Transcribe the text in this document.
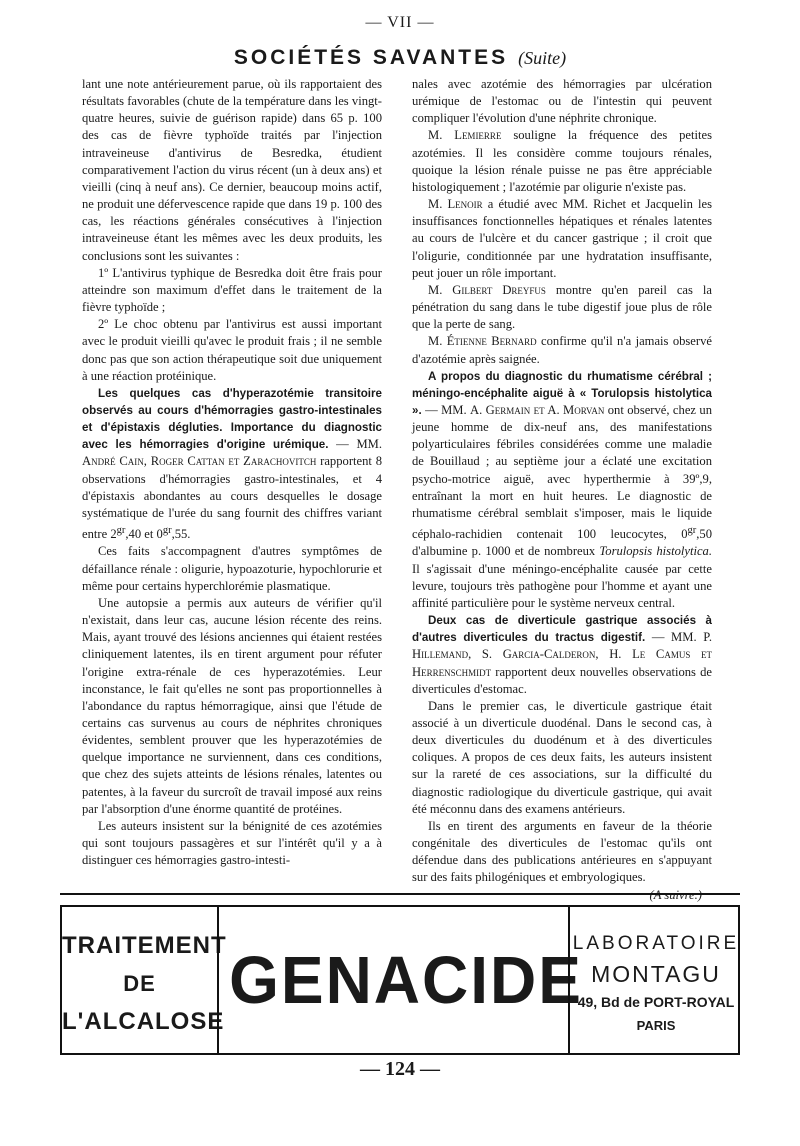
— VII —
SOCIÉTÉS SAVANTES (Suite)

lant une note antérieurement parue, où ils rapportaient des résultats favorables (chute de la température dans les vingt-quatre heures, suivie de guérison rapide) dans 65 p. 100 des cas de fièvre typhoïde traités par l'injection intraveineuse d'antivirus de Besredka, étudient comparativement l'action du virus récent (un à deux ans) et vieilli (cinq à neuf ans). Ce dernier, beaucoup moins actif, ne produit une défervescence rapide que dans 19 p. 100 des cas, les réactions générales consécutives à l'injection intraveineuse étant les mêmes avec les deux produits, les conclusions sont les suivantes :

1º L'antivirus typhique de Besredka doit être frais pour atteindre son maximum d'effet dans le traitement de la fièvre typhoïde ;

2º Le choc obtenu par l'antivirus est aussi important avec le produit vieilli qu'avec le produit frais ; il ne semble donc pas que son action thérapeutique soit due uniquement à une réaction protéinique.

Les quelques cas d'hyperazotémie transitoire observés au cours d'hémorragies gastro-intestinales et d'épistaxis dégluties. Importance du diagnostic avec les hémorragies d'origine urémique. — MM. André Cain, Roger Cattan et Zarachovitch rapportent 8 observations d'hémorragies gastro-intestinales, et 4 d'épistaxis abondantes au cours desquelles le dosage systématique de l'urée du sang fournit des chiffres variant entre $2^{gr},40$ et $0^{gr},55$.

Ces faits s'accompagnent d'autres symptômes de défaillance rénale : oligurie, hypoazoturie, hypochlorurie et même pour certains hyperchlorémie plasmatique.

Une autopsie a permis aux auteurs de vérifier qu'il n'existait, dans leur cas, aucune lésion récente des reins. Mais, ayant trouvé des lésions anciennes qui étaient restées cliniquement latentes, ils en tirent argument pour réfuter l'origine extra-rénale de ces hyperazotémies. Leur inconstance, le fait qu'elles ne sont pas proportionnelles à l'abondance du raptus hémorragique, ainsi que l'étude de certains cas survenus au cours de néphrites chroniques évidentes, semblent prouver que les hyperazotémies de quelque importance ne surviennent, dans ces conditions, que chez des sujets atteints de lésions rénales, latentes ou patentes, à la faveur du surcroît de travail imposé aux reins par l'absorption d'une énorme quantité de protéines.

Les auteurs insistent sur la bénignité de ces azotémies qui sont toujours passagères et sur l'intérêt qu'il y a à distinguer ces hémorragies gastro-intesti-

nales avec azotémie des hémorragies par ulcération urémique de l'estomac ou de l'intestin qui peuvent compliquer l'évolution d'une néphrite chronique.

M. Lemierre souligne la fréquence des petites azotémies. Il les considère comme toujours rénales, quoique la lésion rénale puisse ne pas être appréciable histologiquement ; l'azotémie par oligurie n'existe pas.

M. Lenoir a étudié avec MM. Richet et Jacquelin les insuffisances fonctionnelles hépatiques et rénales latentes au cours de l'ulcère et du cancer gastrique ; il croit que l'oligurie, conditionnée par une hydratation insuffisante, peut jouer un rôle important.

M. Gilbert Dreyfus montre qu'en pareil cas la pénétration du sang dans le tube digestif joue plus de rôle que la perte de sang.

M. Étienne Bernard confirme qu'il n'a jamais observé d'azotémie après saignée.

A propos du diagnostic du rhumatisme cérébral ; méningo-encéphalite aiguë à « Torulopsis histolytica ». — MM. A. Germain et A. Morvan ont observé, chez un jeune homme de dix-neuf ans, des manifestations polyarticulaires fébriles considérées comme une maladie de Bouillaud ; au septième jour a éclaté une excitation psycho-motrice aiguë, avec hyperthermie à 39º,9, entraînant la mort en huit heures. Le diagnostic de rhumatisme cérébral semblait s'imposer, mais le liquide céphalo-rachidien contenait 100 leucocytes, $0^{gr},50$ d'albumine p. 1000 et de nombreux Torulopsis histolytica. Il s'agissait d'une méningo-encéphalite causée par cette levure, toujours très pathogène pour l'homme et ayant une affinité particulière pour le système nerveux central.

Deux cas de diverticule gastrique associés à d'autres diverticules du tractus digestif. — MM. P. Hillemand, S. Garcia-Calderon, H. Le Camus et Herrenschmidt rapportent deux nouvelles observations de diverticules d'estomac.

Dans le premier cas, le diverticule gastrique était associé à un diverticule duodénal. Dans le second cas, à deux diverticules du duodénum et à des diverticules coliques. A propos de ces deux faits, les auteurs insistent sur la rareté de ces associations, sur la difficulté du diagnostic radiologique du diverticule gastrique, qui avait été méconnu dans des examens antérieurs.

Ils en tirent des arguments en faveur de la théorie congénitale des diverticules de l'estomac qu'ils ont défendue dans des publications antérieures en s'appuyant sur des faits philogéniques et embryologiques.

(A suivre.)
TRAITEMENT
DE
L'ALCALOSE
GENACIDE
LABORATOIRE
MONTAGU
49, Bd de PORT-ROYAL
PARIS
— 124 —
